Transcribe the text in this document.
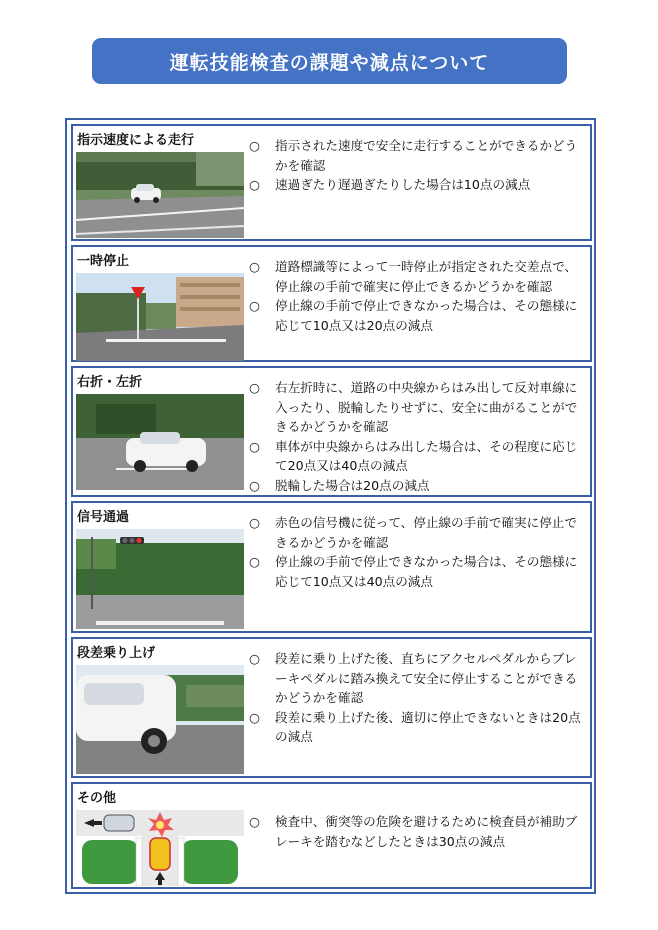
運転技能検査の課題や減点について
指示速度による走行	○	指示された速度で安全に走行することができるかどうかを確認
○	速過ぎたり遅過ぎたりした場合は10点の減点
一時停止	○	道路標識等によって一時停止が指定された交差点で、停止線の手前で確実に停止できるかどうかを確認
○	停止線の手前で停止できなかった場合は、その態様に応じて10点又は20点の減点
右折・左折	○	右左折時に、道路の中央線からはみ出して反対車線に入ったり、脱輪したりせずに、安全に曲がることができるかどうかを確認
○	車体が中央線からはみ出した場合は、その程度に応じて20点又は40点の減点
○	脱輪した場合は20点の減点
信号通過	○	赤色の信号機に従って、停止線の手前で確実に停止できるかどうかを確認
○	停止線の手前で停止できなかった場合は、その態様に応じて10点又は40点の減点
段差乗り上げ	○	段差に乗り上げた後、直ちにアクセルペダルからブレーキペダルに踏み換えて安全に停止することができるかどうかを確認
○	段差に乗り上げた後、適切に停止できないときは20点の減点
その他
○	検査中、衝突等の危険を避けるために検査員が補助ブレーキを踏むなどしたときは30点の減点
